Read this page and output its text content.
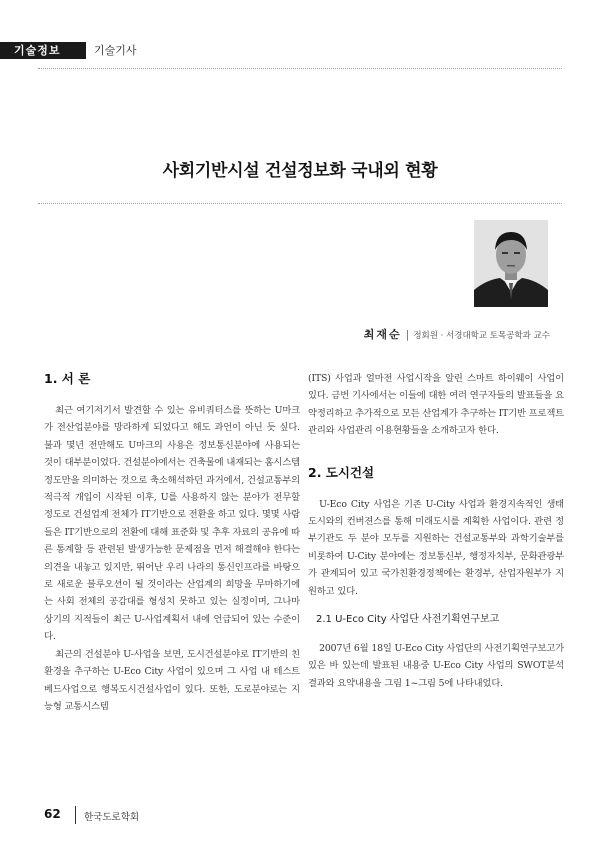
기술정보	기술기사
사회기반시설 건설정보화 국내외 현황
최재순 | 정회원 · 서경대학교 토목공학과 교수

1. 서 론

최근 여기저기서 발견할 수 있는 유비쿼터스를 뜻하는 U마크가 전산업분야를 망라하게 되었다고 해도 과언이 아닌 듯 싶다. 불과 몇년 전만해도 U마크의 사용은 정보통신분야에 사용되는 것이 대부분이었다. 건설분야에서는 건축물에 내재되는 홈시스템 정도만을 의미하는 것으로 축소해석하던 과거에서, 건설교통부의 적극적 개입이 시작된 이후, U를 사용하지 않는 분야가 전무할 정도로 건설업계 전체가 IT기반으로 전환을 하고 있다. 몇몇 사람들은 IT기반으로의 전환에 대해 표준화 및 추후 자료의 공유에 따른 통계할 등 관련된 발생가능한 문제점을 먼저 해결해야 한다는 의견을 내놓고 있지만, 뛰어난 우리 나라의 통신인프라를 바탕으로 새로운 블루오션이 될 것이라는 산업계의 희망을 무마하기에는 사회 전체의 공감대를 형성치 못하고 있는 실정이며, 그나마 상기의 지적들이 최근 U-사업계획서 내에 언급되어 있는 수준이다.

최근의 건설분야 U-사업을 보면, 도시건설분야로 IT기반의 친환경을 추구하는 U-Eco City 사업이 있으며 그 사업 내 테스트베드사업으로 행복도시건설사업이 있다. 또한, 도로분야로는 지능형 교통시스템

(ITS) 사업과 얼마전 사업시작을 알린 스마트 하이웨이 사업이 있다. 금번 기사에서는 이들에 대한 여러 연구자들의 발표들을 요약정리하고 추가적으로 모든 산업계가 추구하는 IT기반 프로젝트관리와 사업관리 이용현황들을 소개하고자 한다.

2. 도시건설

U-Eco City 사업은 기존 U-City 사업과 환경지속적인 생태도시와의 컨버젼스를 통해 미래도시를 계획한 사업이다. 관련 정부기관도 두 분야 모두를 지원하는 건설교통부와 과학기술부를 비롯하여 U-City 분야에는 정보통신부, 행정자치부, 문화관광부가 관계되어 있고 국가친환경정책에는 환경부, 산업자원부가 지원하고 있다.

2.1 U-Eco City 사업단 사전기획연구보고

2007년 6월 18일 U-Eco City 사업단의 사전기획연구보고가 있은 바 있는데 발표된 내용중 U-Eco City 사업의 SWOT분석결과와 요약내용을 그림 1~그림 5에 나타내었다.

62 한국도로학회
